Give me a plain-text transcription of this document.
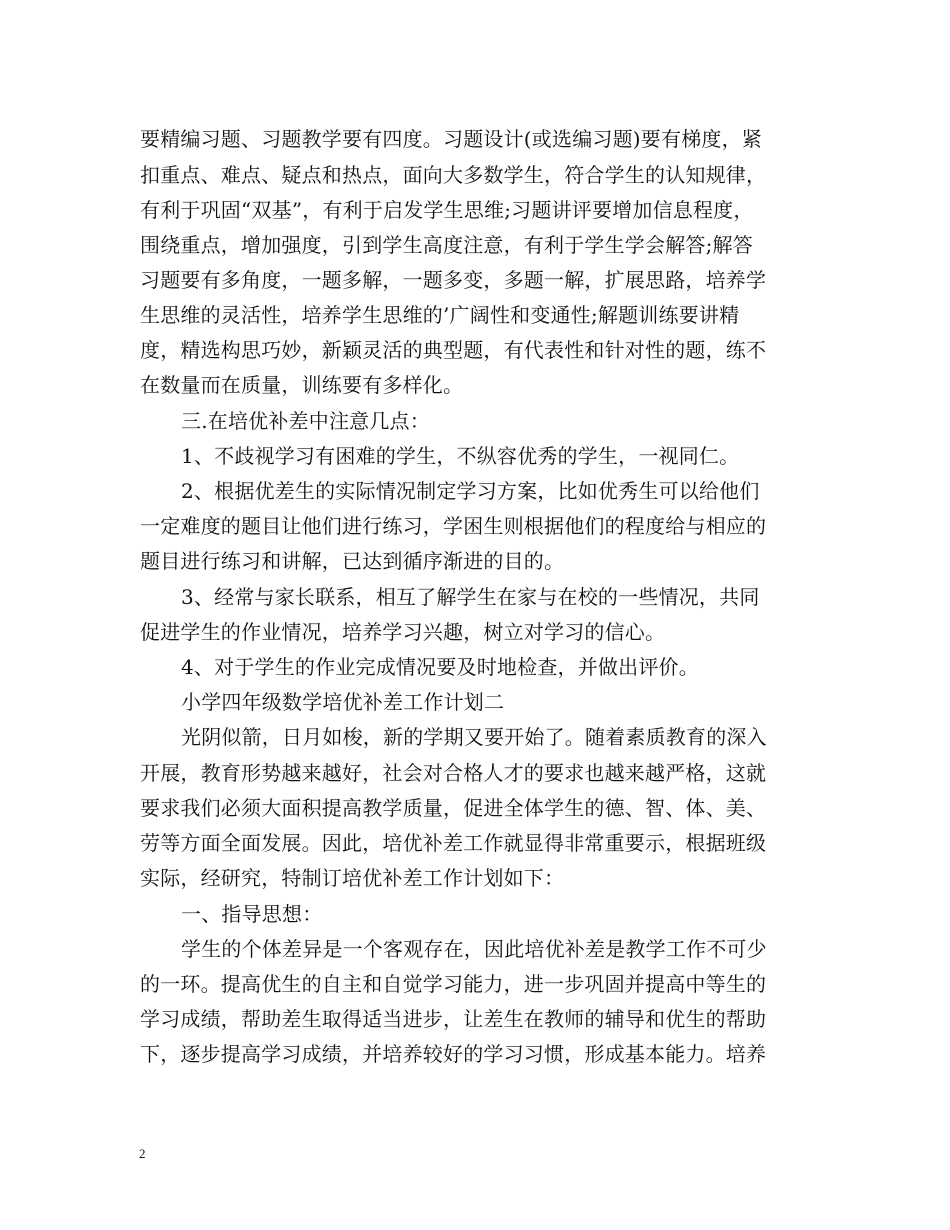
要精编习题、习题教学要有四度。习题设计(或选编习题)要有梯度，紧
扣重点、难点、疑点和热点，面向大多数学生，符合学生的认知规律，
有利于巩固“双基”，有利于启发学生思维;习题讲评要增加信息程度，
围绕重点，增加强度，引到学生高度注意，有利于学生学会解答;解答
习题要有多角度，一题多解，一题多变，多题一解，扩展思路，培养学
生思维的灵活性，培养学生思维的’广阔性和变通性;解题训练要讲精
度，精选构思巧妙，新颖灵活的典型题，有代表性和针对性的题，练不
在数量而在质量，训练要有多样化。
三.在培优补差中注意几点：
1、不歧视学习有困难的学生，不纵容优秀的学生，一视同仁。
2、根据优差生的实际情况制定学习方案，比如优秀生可以给他们
一定难度的题目让他们进行练习，学困生则根据他们的程度给与相应的
题目进行练习和讲解，已达到循序渐进的目的。
3、经常与家长联系，相互了解学生在家与在校的一些情况，共同
促进学生的作业情况，培养学习兴趣，树立对学习的信心。
4、对于学生的作业完成情况要及时地检查，并做出评价。
小学四年级数学培优补差工作计划二
光阴似箭，日月如梭，新的学期又要开始了。随着素质教育的深入
开展，教育形势越来越好，社会对合格人才的要求也越来越严格，这就
要求我们必须大面积提高教学质量，促进全体学生的德、智、体、美、
劳等方面全面发展。因此，培优补差工作就显得非常重要示，根据班级
实际，经研究，特制订培优补差工作计划如下：
一、指导思想：
学生的个体差异是一个客观存在，因此培优补差是教学工作不可少
的一环。提高优生的自主和自觉学习能力，进一步巩固并提高中等生的
学习成绩，帮助差生取得适当进步，让差生在教师的辅导和优生的帮助
下，逐步提高学习成绩，并培养较好的学习习惯，形成基本能力。培养
2
